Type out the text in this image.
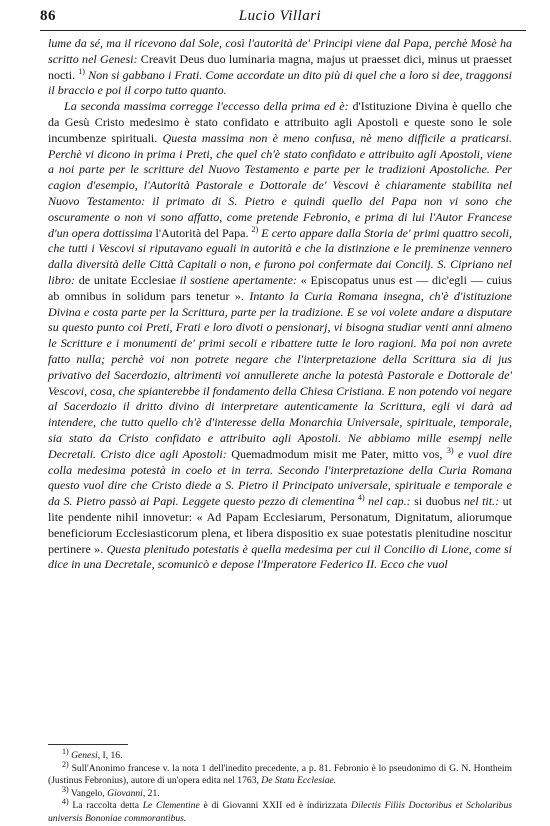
86	Lucio Villari

lume da sé, ma il ricevono dal Sole, così l'autorità de' Principi viene dal Papa, perchè Mosè ha scritto nel Genesi: Creavit Deus duo luminaria magna, majus ut praesset dici, minus ut praesset nocti. $^{1)}$ Non si gabbano i Frati. Come accordate un dito più di quel che a loro si dee, traggonsi il braccio e poi il corpo tutto quanto.

La seconda massima corregge l'eccesso della prima ed è: d'Istituzione Divina è quello che da Gesù Cristo medesimo è stato confidato e attribuito agli Apostoli e queste sono le sole incumbenze spirituali. Questa massima non è meno confusa, nè meno difficile a praticarsi. Perchè vi dicono in prima i Preti, che quel ch'è stato confidato e attribuito agli Apostoli, viene a noi parte per le scritture del Nuovo Testamento e parte per le tradizioni Apostoliche. Per cagion d'esempio, l'Autorità Pastorale e Dottorale de' Vescovi è chiaramente stabilita nel Nuovo Testamento: il primato di S. Pietro e quindi quello del Papa non vi sono che oscuramente o non vi sono affatto, come pretende Febronio, e prima di lui l'Autor Francese d'un opera dottissima l'Autorità del Papa. $^{2)}$ E certo appare dalla Storia de' primi quattro secoli, che tutti i Vescovi si riputavano eguali in autorità e che la distinzione e le preminenze vennero dalla diversità delle Città Capitali o non, e furono poi confermate dai Concilj. S. Cipriano nel libro: de unitate Ecclesiae il sostiene apertamente: « Episcopatus unus est — dic'egli — cuius ab omnibus in solidum pars tenetur ». Intanto la Curia Romana insegna, ch'è d'istituzione Divina e costa parte per la Scrittura, parte per la tradizione. E se voi volete andare a disputare su questo punto coi Preti, Frati e loro divoti o pensionarj, vi bisogna studiar venti anni almeno le Scritture e i monumenti de' primi secoli e ribattere tutte le loro ragioni. Ma poi non avrete fatto nulla; perchè voi non potrete negare che l'interpretazione della Scrittura sia di jus privativo del Sacerdozio, altrimenti voi annullerete anche la potestà Pastorale e Dottorale de' Vescovi, cosa, che spianterebbe il fondamento della Chiesa Cristiana. E non potendo voi negare al Sacerdozio il dritto divino di interpretare autenticamente la Scrittura, egli vi darà ad intendere, che tutto quello ch'è d'interesse della Monarchia Universale, spirituale, temporale, sia stato da Cristo confidato e attribuito agli Apostoli. Ne abbiamo mille esempj nelle Decretali. Cristo dice agli Apostoli: Quemadmodum misit me Pater, mitto vos, $^{3)}$ e vuol dire colla medesima potestà in coelo et in terra. Secondo l'interpretazione della Curia Romana questo vuol dire che Cristo diede a S. Pietro il Principato universale, spirituale e temporale e da S. Pietro passò ai Papi. Leggete questo pezzo di clementina $^{4)}$ nel cap.: si duobus nel tit.: ut lite pendente nihil innovetur: « Ad Papam Ecclesiarum, Personatum, Dignitatum, aliorumque beneficiorum Ecclesiasticorum plena, et libera dispositio ex suae potestatis plenitudine noscitur pertinere ». Questa plenitudo potestatis è quella medesima per cui il Concilio di Lione, come si dice in una Decretale, scomunicò e depose l'Imperatore Federico II. Ecco che vuol

$^{1)}$ Genesi, I, 16.

$^{2)}$ Sull'Anonimo francese v. la nota 1 dell'inedito precedente, a p. 81. Febronio è lo pseudonimo di G. N. Hontheim (Justinus Febronius), autore di un'opera edita nel 1763, De Statu Ecclesiae.

$^{3)}$ Vangelo, Giovanni, 21.

$^{4)}$ La raccolta detta Le Clementine è di Giovanni XXII ed è indirizzata Dilectis Filiis Doctoribus et Scholaribus universis Bononiae commorantibus.
